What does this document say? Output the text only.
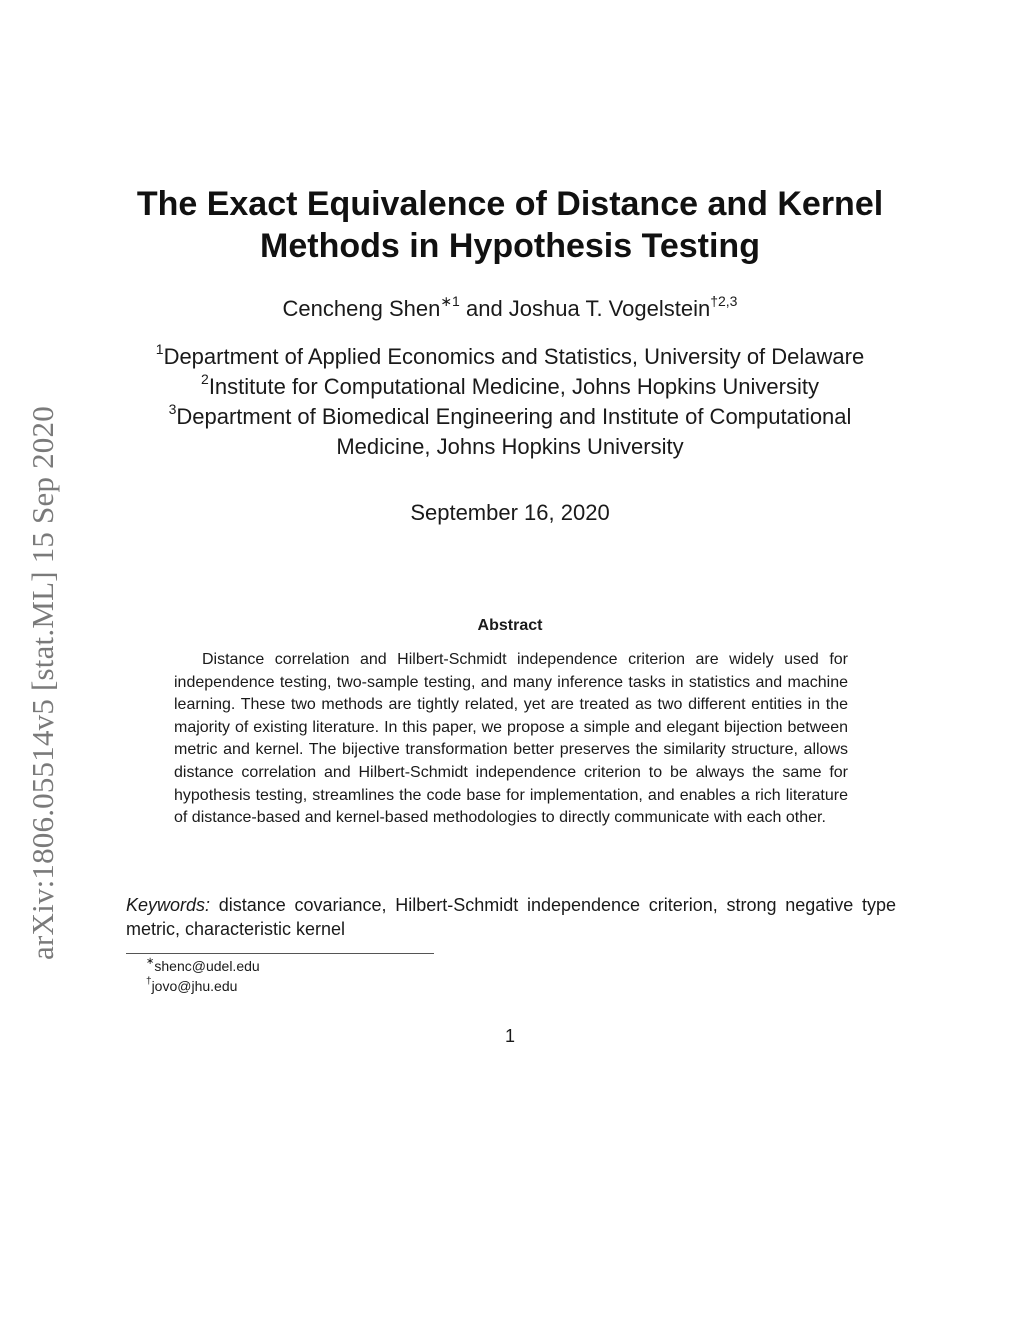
arXiv:1806.05514v5 [stat.ML] 15 Sep 2020
The Exact Equivalence of Distance and Kernel
Methods in Hypothesis Testing
Cencheng Shen$^{∗1}$ and Joshua T. Vogelstein$^{\dagger 2,3}$
$^1$Department of Applied Economics and Statistics, University of Delaware
$^2$Institute for Computational Medicine, Johns Hopkins University
$^3$Department of Biomedical Engineering and Institute of Computational
Medicine, Johns Hopkins University
September 16, 2020
Abstract
Distance correlation and Hilbert-Schmidt independence criterion are widely used for independence testing, two-sample testing, and many inference tasks in statistics and machine learning. These two methods are tightly related, yet are treated as two different entities in the majority of existing literature. In this paper, we propose a simple and elegant bijection between metric and kernel. The bijective transformation better preserves the similarity structure, allows distance correlation and Hilbert-Schmidt independence criterion to be always the same for hypothesis testing, streamlines the code base for implementation, and enables a rich literature of distance-based and kernel-based methodologies to directly communicate with each other.
Keywords: distance covariance, Hilbert-Schmidt independence criterion, strong negative type metric, characteristic kernel
∗shenc@udel.edu
†jovo@jhu.edu
1
